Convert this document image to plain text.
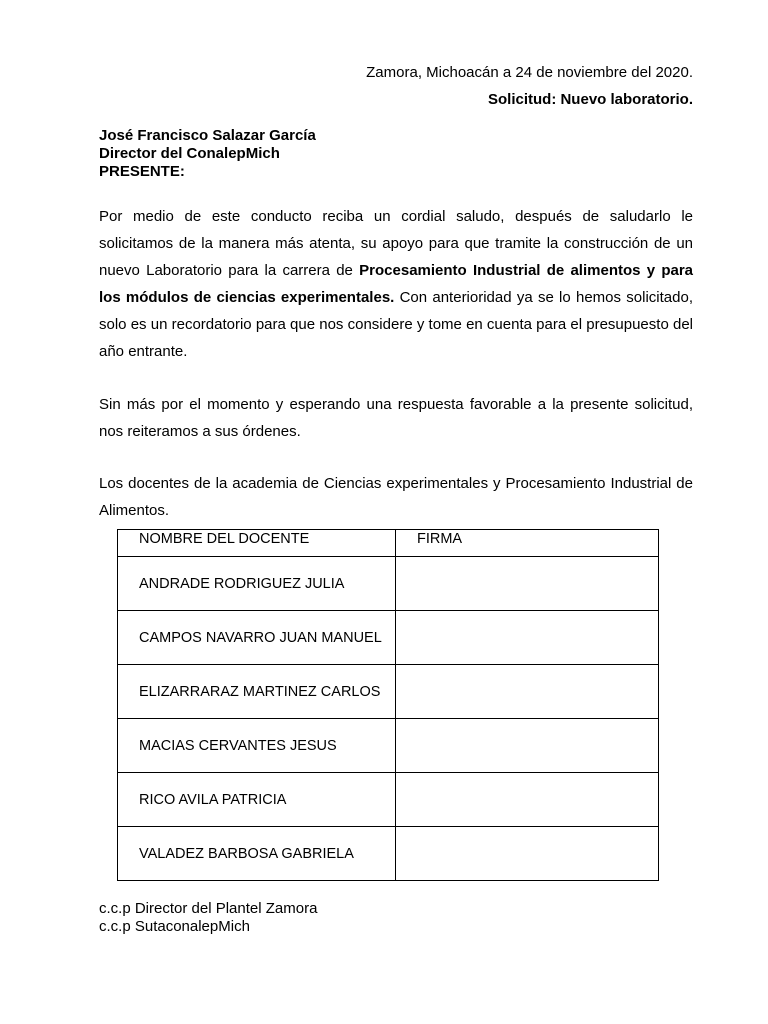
Zamora, Michoacán a 24 de noviembre del 2020.
Solicitud: Nuevo laboratorio.
José Francisco Salazar García
Director del ConalepMich
PRESENTE:

Por medio de este conducto reciba un cordial saludo, después de saludarlo le solicitamos de la manera más atenta, su apoyo para que tramite la construcción de un nuevo Laboratorio para la carrera de Procesamiento Industrial de alimentos y para los módulos de ciencias experimentales. Con anterioridad ya se lo hemos solicitado, solo es un recordatorio para que nos considere y tome en cuenta para el presupuesto del año entrante.

Sin más por el momento y esperando una respuesta favorable a la presente solicitud, nos reiteramos a sus órdenes.

Los docentes de la academia de Ciencias experimentales y Procesamiento Industrial de Alimentos.

NOMBRE DEL DOCENTE	FIRMA
ANDRADE RODRIGUEZ JULIA	
CAMPOS NAVARRO JUAN MANUEL	
ELIZARRARAZ MARTINEZ CARLOS	
MACIAS CERVANTES JESUS	
RICO AVILA PATRICIA	
VALADEZ BARBOSA GABRIELA	
c.c.p Director del Plantel Zamora
c.c.p SutaconalepMich
